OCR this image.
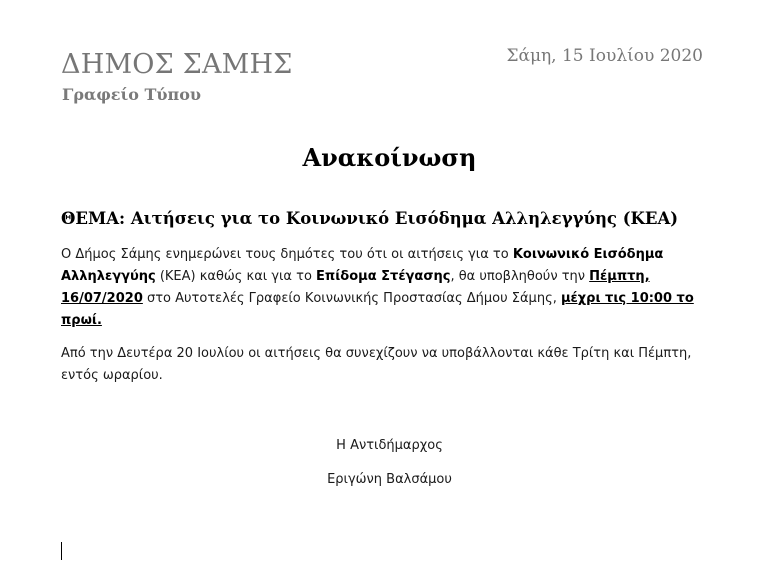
ΔΗΜΟΣ ΣΑΜΗΣ
Γραφείο Τύπου
Σάμη, 15 Ιουλίου 2020
Ανακοίνωση
ΘΕΜΑ: Αιτήσεις για το Κοινωνικό Εισόδημα Αλληλεγγύης (ΚΕΑ)
Ο Δήμος Σάμης ενημερώνει τους δημότες του ότι οι αιτήσεις για το Κοινωνικό Εισόδημα Αλληλεγγύης (ΚΕΑ) καθώς και για το Επίδομα Στέγασης, θα υποβληθούν την Πέμπτη, 16/07/2020 στο Αυτοτελές Γραφείο Κοινωνικής Προστασίας Δήμου Σάμης, μέχρι τις 10:00 το πρωί.
Από την Δευτέρα 20 Ιουλίου οι αιτήσεις θα συνεχίζουν να υποβάλλονται κάθε Τρίτη και Πέμπτη, εντός ωραρίου.
Η Αντιδήμαρχος
Εριγώνη Βαλσάμου
